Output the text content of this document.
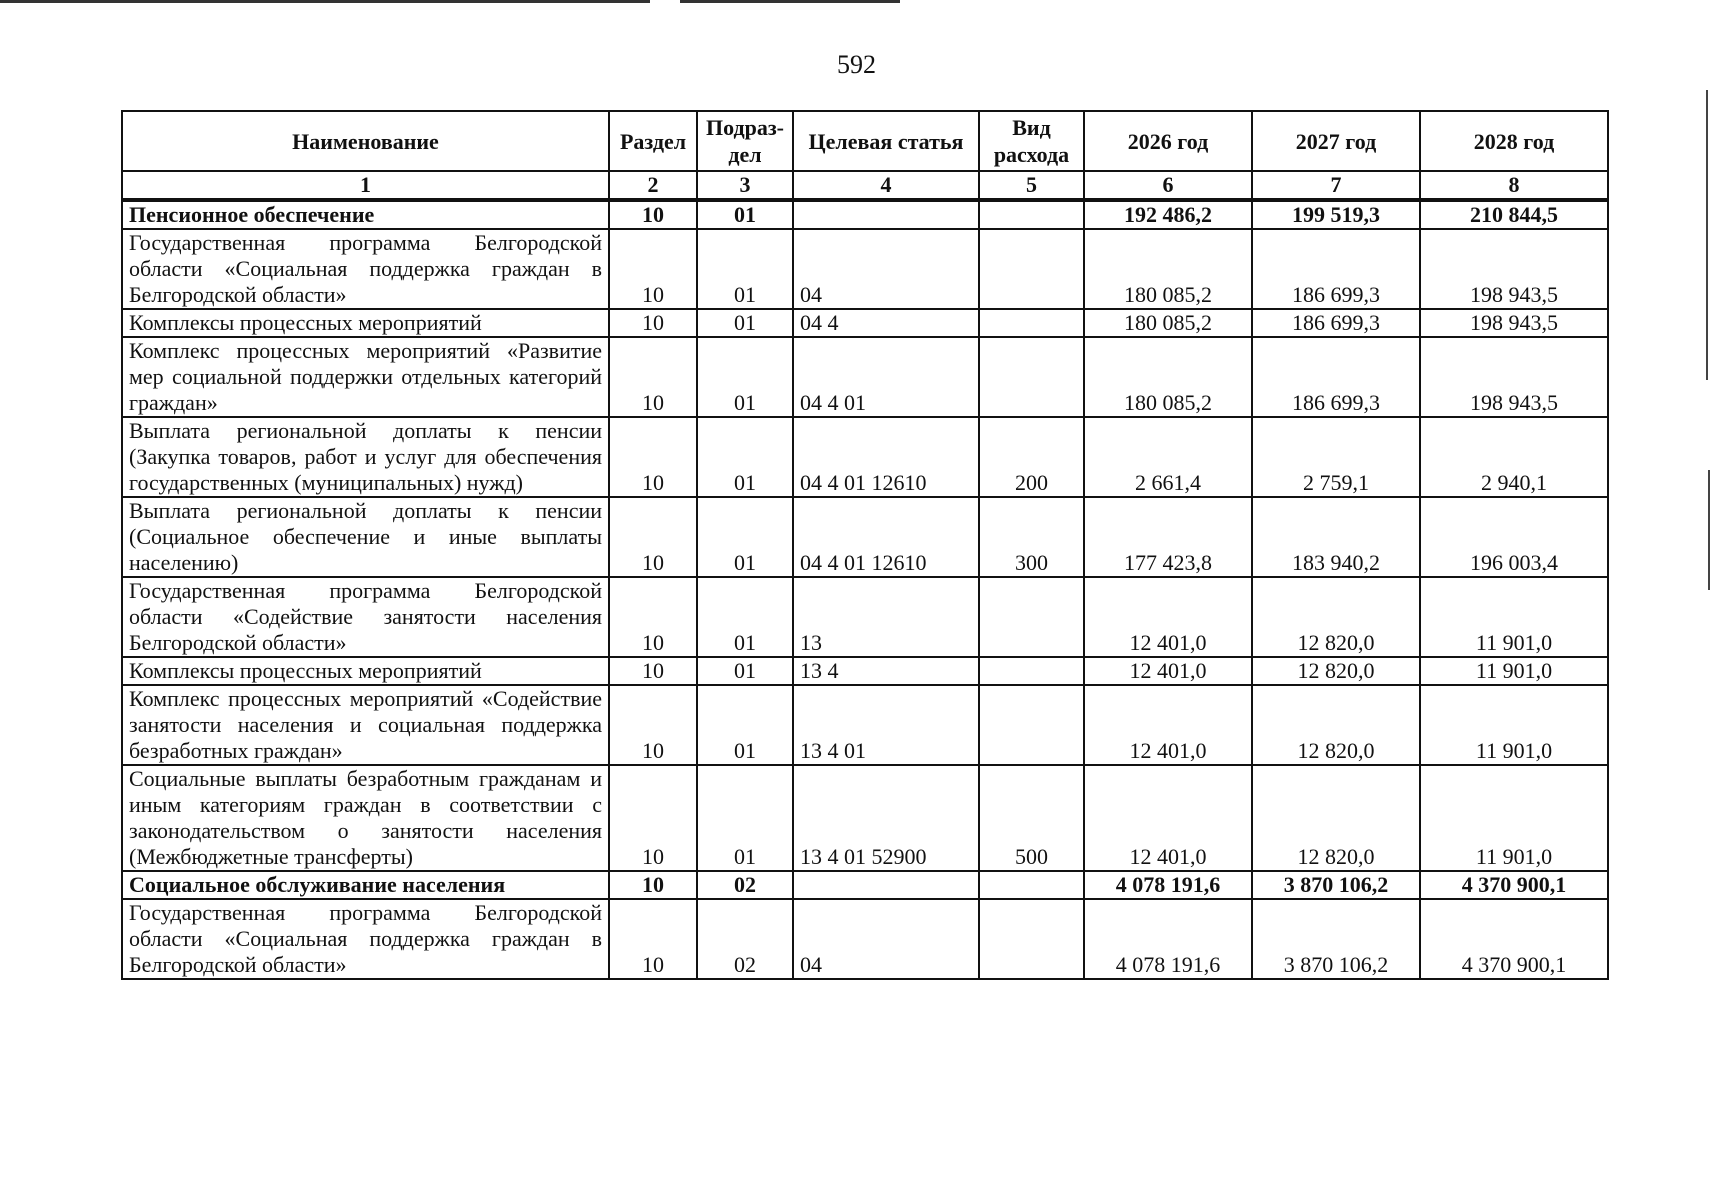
592
Наименование	Раздел	Подраз-дел	Целевая статья	Вид расхода	2026 год	2027 год	2028 год
1	2	3	4	5	6	7	8
Пенсионное обеспечение	10	01			192 486,2	199 519,3	210 844,5
Государственная программа Белгородской области «Социальная поддержка граждан в Белгородской области»	10	01	04		180 085,2	186 699,3	198 943,5
Комплексы процессных мероприятий	10	01	04 4		180 085,2	186 699,3	198 943,5
Комплекс процессных мероприятий «Развитие мер социальной поддержки отдельных категорий граждан»	10	01	04 4 01		180 085,2	186 699,3	198 943,5
Выплата региональной доплаты к пенсии (Закупка товаров, работ и услуг для обеспечения государственных (муниципальных) нужд)	10	01	04 4 01 12610	200	2 661,4	2 759,1	2 940,1
Выплата региональной доплаты к пенсии (Социальное обеспечение и иные выплаты населению)	10	01	04 4 01 12610	300	177 423,8	183 940,2	196 003,4
Государственная программа Белгородской области «Содействие занятости населения Белгородской области»	10	01	13		12 401,0	12 820,0	11 901,0
Комплексы процессных мероприятий	10	01	13 4		12 401,0	12 820,0	11 901,0
Комплекс процессных мероприятий «Содействие занятости населения и социальная поддержка безработных граждан»	10	01	13 4 01		12 401,0	12 820,0	11 901,0
Социальные выплаты безработным гражданам и иным категориям граждан в соответствии с законодательством о занятости населения (Межбюджетные трансферты)	10	01	13 4 01 52900	500	12 401,0	12 820,0	11 901,0
Социальное обслуживание населения	10	02			4 078 191,6	3 870 106,2	4 370 900,1
Государственная программа Белгородской области «Социальная поддержка граждан в Белгородской области»	10	02	04		4 078 191,6	3 870 106,2	4 370 900,1
